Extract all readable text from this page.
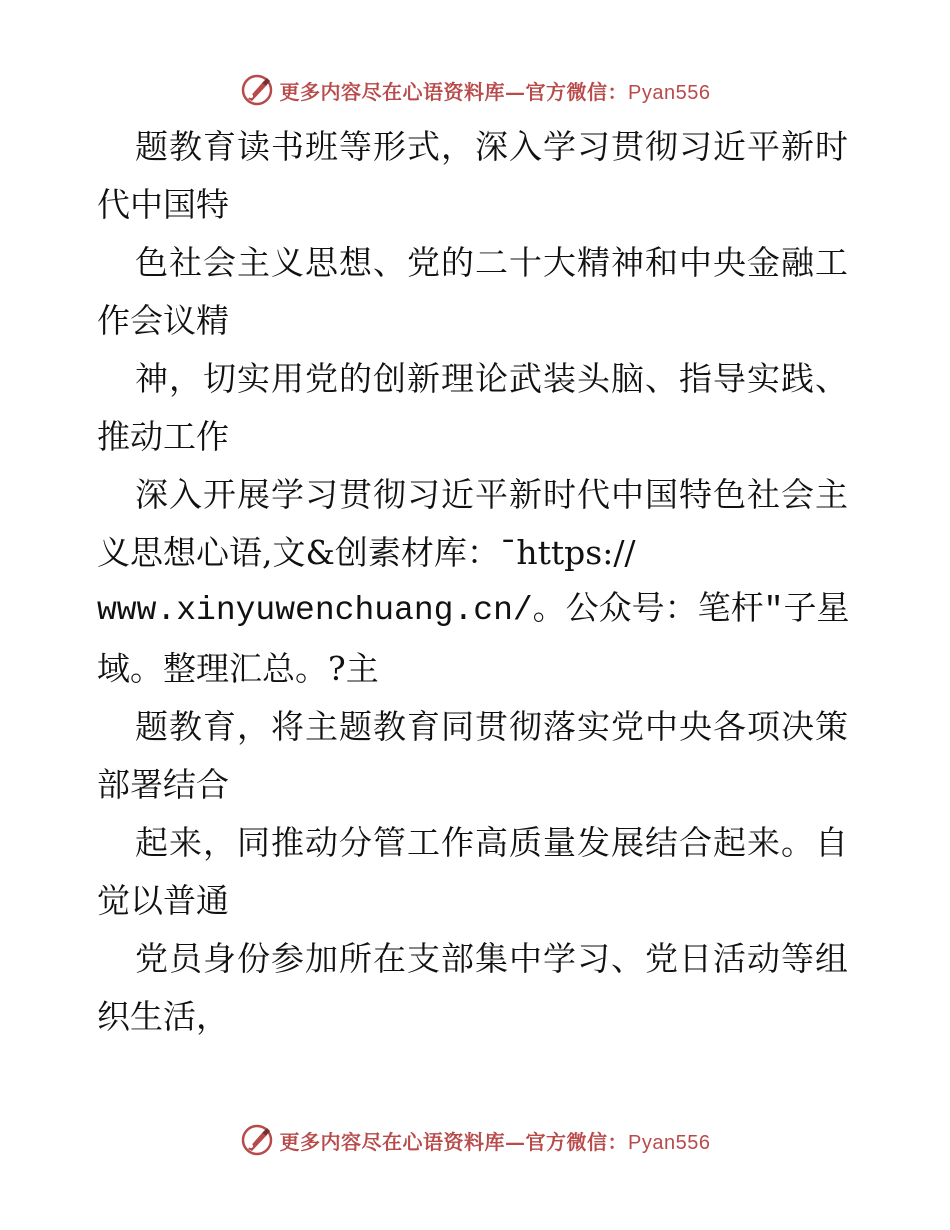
更多内容尽在心语资料库—官方微信：Pyan556
题教育读书班等形式，深入学习贯彻习近平新时
代中国特
色社会主义思想、党的二十大精神和中央金融工
作会议精
神，切实用党的创新理论武装头脑、指导实践、
推动工作
深入开展学习贯彻习近平新时代中国特色社会主
义思想心语,文&创素材库：¯https://
www.xinyuwenchuang.cn/。公众号：笔杆"子星
域。整理汇总。?主
题教育，将主题教育同贯彻落实党中央各项决策
部署结合
起来，同推动分管工作高质量发展结合起来。自
觉以普通
党员身份参加所在支部集中学习、党日活动等组
织生活，
更多内容尽在心语资料库—官方微信：Pyan556
